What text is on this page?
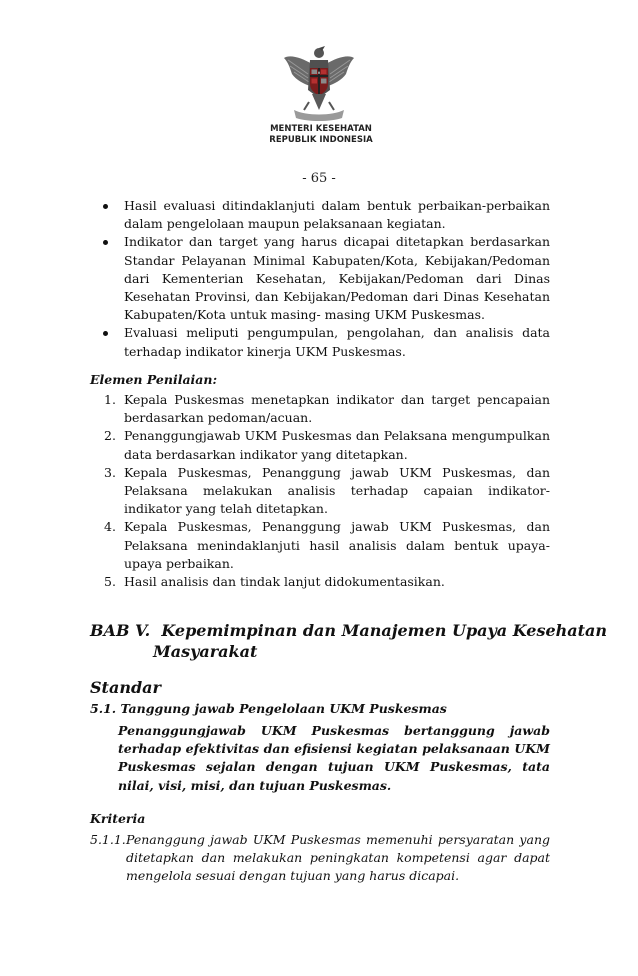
MENTERI KESEHATAN
REPUBLIK INDONESIA
- 65 -
Hasil evaluasi ditindaklanjuti dalam bentuk perbaikan-perbaikan dalam pengelolaan maupun pelaksanaan kegiatan.
Indikator dan target yang harus dicapai ditetapkan berdasarkan Standar Pelayanan Minimal Kabupaten/Kota, Kebijakan/Pedoman dari Kementerian Kesehatan, Kebijakan/Pedoman dari Dinas Kesehatan Provinsi, dan Kebijakan/Pedoman dari Dinas Kesehatan Kabupaten/Kota untuk masing- masing UKM Puskesmas.
Evaluasi meliputi pengumpulan, pengolahan, dan analisis data terhadap indikator kinerja UKM Puskesmas.
Elemen Penilaian:
1. Kepala Puskesmas menetapkan indikator dan target pencapaian berdasarkan pedoman/acuan.
2. Penanggungjawab UKM Puskesmas dan Pelaksana mengumpulkan data berdasarkan indikator yang ditetapkan.
3. Kepala Puskesmas, Penanggung jawab UKM Puskesmas, dan Pelaksana melakukan analisis terhadap capaian indikator-indikator yang telah ditetapkan.
4. Kepala Puskesmas, Penanggung jawab UKM Puskesmas, dan Pelaksana menindaklanjuti hasil analisis dalam bentuk upaya-upaya perbaikan.
5. Hasil analisis dan tindak lanjut didokumentasikan.
BAB V.  Kepemimpinan dan Manajemen Upaya Kesehatan
Masyarakat
Standar
5.1. Tanggung jawab Pengelolaan UKM Puskesmas
Penanggungjawab UKM Puskesmas bertanggung jawab terhadap efektivitas dan efisiensi kegiatan pelaksanaan UKM Puskesmas sejalan dengan tujuan UKM Puskesmas, tata nilai, visi, misi, dan tujuan Puskesmas.
Kriteria
5.1.1. Penanggung jawab UKM Puskesmas memenuhi persyaratan yang ditetapkan dan melakukan peningkatan kompetensi agar dapat mengelola sesuai dengan tujuan yang harus dicapai.
